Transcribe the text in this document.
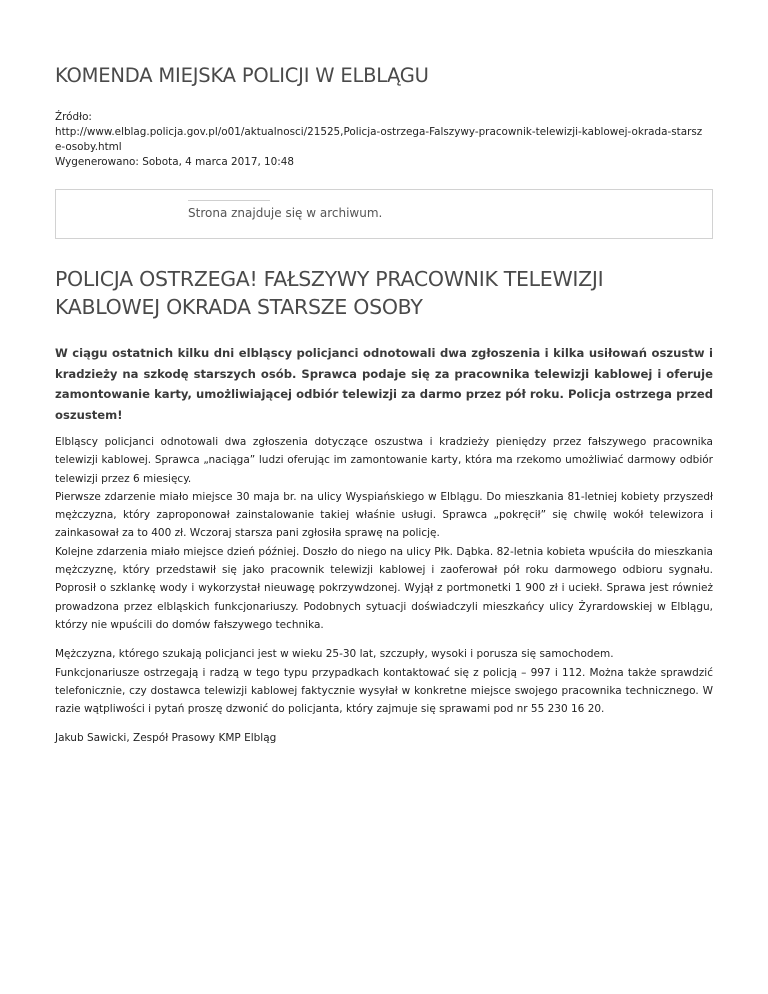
KOMENDA MIEJSKA POLICJI W ELBLĄGU
Źródło:
http://www.elblag.policja.gov.pl/o01/aktualnosci/21525,Policja-ostrzega-Falszywy-pracownik-telewizji-kablowej-okrada-starsz
e-osoby.html
Wygenerowano: Sobota, 4 marca 2017, 10:48
Strona znajduje się w archiwum.
POLICJA OSTRZEGA! FAŁSZYWY PRACOWNIK TELEWIZJI KABLOWEJ OKRADA STARSZE OSOBY

W ciągu ostatnich kilku dni elbląscy policjanci odnotowali dwa zgłoszenia i kilka usiłowań oszustw i kradzieży na szkodę starszych osób. Sprawca podaje się za pracownika telewizji kablowej i oferuje zamontowanie karty, umożliwiającej odbiór telewizji za darmo przez pół roku. Policja ostrzega przed oszustem!

Elbląscy policjanci odnotowali dwa zgłoszenia dotyczące oszustwa i kradzieży pieniędzy przez fałszywego pracownika telewizji kablowej. Sprawca „naciąga” ludzi oferując im zamontowanie karty, która ma rzekomo umożliwiać darmowy odbiór telewizji przez 6 miesięcy.

Pierwsze zdarzenie miało miejsce 30 maja br. na ulicy Wyspiańskiego w Elblągu. Do mieszkania 81-letniej kobiety przyszedł mężczyzna, który zaproponował zainstalowanie takiej właśnie usługi. Sprawca „pokręcił” się chwilę wokół telewizora i zainkasował za to 400 zł. Wczoraj starsza pani zgłosiła sprawę na policję.

Kolejne zdarzenia miało miejsce dzień później. Doszło do niego na ulicy Płk. Dąbka. 82-letnia kobieta wpuściła do mieszkania mężczyznę, który przedstawił się jako pracownik telewizji kablowej i zaoferował pół roku darmowego odbioru sygnału. Poprosił o szklankę wody i wykorzystał nieuwagę pokrzywdzonej. Wyjął z portmonetki 1 900 zł i uciekł. Sprawa jest również prowadzona przez elbląskich funkcjonariuszy. Podobnych sytuacji doświadczyli mieszkańcy ulicy Żyrardowskiej w Elblągu, którzy nie wpuścili do domów fałszywego technika.

Mężczyzna, którego szukają policjanci jest w wieku 25-30 lat, szczupły, wysoki i porusza się samochodem.

Funkcjonariusze ostrzegają i radzą w tego typu przypadkach kontaktować się z policją – 997 i 112. Można także sprawdzić telefonicznie, czy dostawca telewizji kablowej faktycznie wysyłał w konkretne miejsce swojego pracownika technicznego. W razie wątpliwości i pytań proszę dzwonić do policjanta, który zajmuje się sprawami pod nr 55 230 16 20.

Jakub Sawicki, Zespół Prasowy KMP Elbląg
